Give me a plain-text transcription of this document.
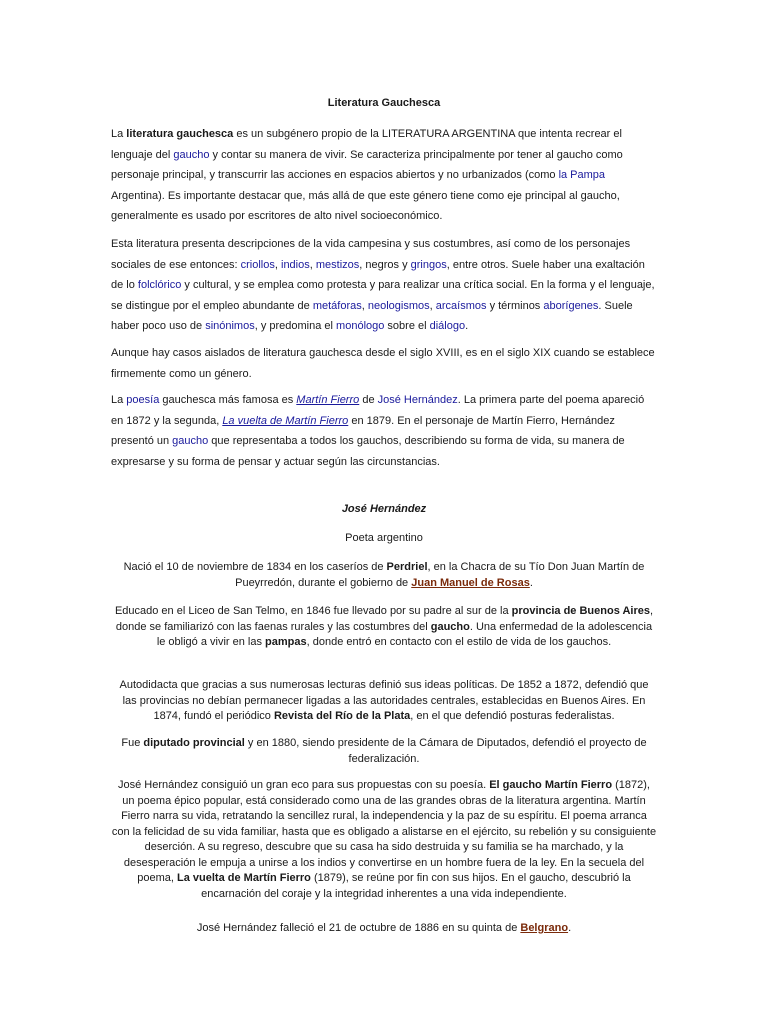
Literatura Gauchesca

La literatura gauchesca es un subgénero propio de la LITERATURA ARGENTINA que intenta recrear el lenguaje del gaucho y contar su manera de vivir. Se caracteriza principalmente por tener al gaucho como personaje principal, y transcurrir las acciones en espacios abiertos y no urbanizados (como la Pampa Argentina). Es importante destacar que, más allá de que este género tiene como eje principal al gaucho, generalmente es usado por escritores de alto nivel socioeconómico.

Esta literatura presenta descripciones de la vida campesina y sus costumbres, así como de los personajes sociales de ese entonces: criollos, indios, mestizos, negros y gringos, entre otros. Suele haber una exaltación de lo folclórico y cultural, y se emplea como protesta y para realizar una crítica social. En la forma y el lenguaje, se distingue por el empleo abundante de metáforas, neologismos, arcaísmos y términos aborígenes. Suele haber poco uso de sinónimos, y predomina el monólogo sobre el diálogo.

Aunque hay casos aislados de literatura gauchesca desde el siglo XVIII, es en el siglo XIX cuando se establece firmemente como un género.

La poesía gauchesca más famosa es Martín Fierro de José Hernández. La primera parte del poema apareció en 1872 y la segunda, La vuelta de Martín Fierro en 1879. En el personaje de Martín Fierro, Hernández presentó un gaucho que representaba a todos los gauchos, describiendo su forma de vida, su manera de expresarse y su forma de pensar y actuar según las circunstancias.

José Hernández
Poeta argentino

Nació el 10 de noviembre de 1834 en los caseríos de Perdriel, en la Chacra de su Tío Don Juan Martín de Pueyrredón, durante el gobierno de Juan Manuel de Rosas.

Educado en el Liceo de San Telmo, en 1846 fue llevado por su padre al sur de la provincia de Buenos Aires, donde se familiarizó con las faenas rurales y las costumbres del gaucho. Una enfermedad de la adolescencia le obligó a vivir en las pampas, donde entró en contacto con el estilo de vida de los gauchos.

Autodidacta que gracias a sus numerosas lecturas definió sus ideas políticas. De 1852 a 1872, defendió que las provincias no debían permanecer ligadas a las autoridades centrales, establecidas en Buenos Aires. En 1874, fundó el periódico Revista del Río de la Plata, en el que defendió posturas federalistas.

Fue diputado provincial y en 1880, siendo presidente de la Cámara de Diputados, defendió el proyecto de federalización.

José Hernández consiguió un gran eco para sus propuestas con su poesía. El gaucho Martín Fierro (1872), un poema épico popular, está considerado como una de las grandes obras de la literatura argentina. Martín Fierro narra su vida, retratando la sencillez rural, la independencia y la paz de su espíritu. El poema arranca con la felicidad de su vida familiar, hasta que es obligado a alistarse en el ejército, su rebelión y su consiguiente deserción. A su regreso, descubre que su casa ha sido destruida y su familia se ha marchado, y la desesperación le empuja a unirse a los indios y convertirse en un hombre fuera de la ley. En la secuela del poema, La vuelta de Martín Fierro (1879), se reúne por fin con sus hijos. En el gaucho, descubrió la encarnación del coraje y la integridad inherentes a una vida independiente.

José Hernández falleció el 21 de octubre de 1886 en su quinta de Belgrano.
